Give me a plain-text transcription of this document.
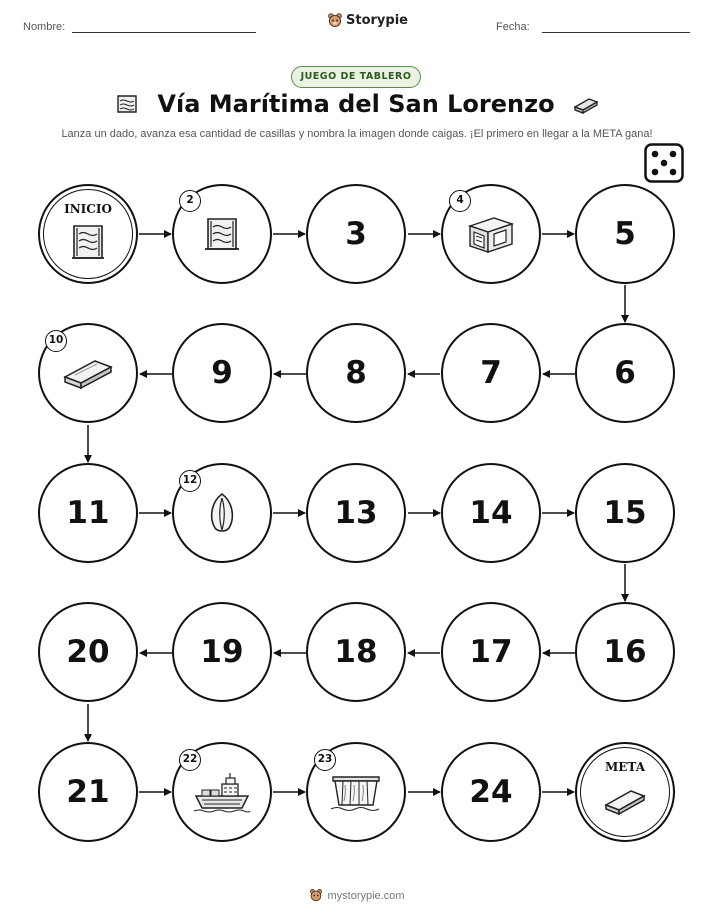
Nombre:	Storypie	Fecha:
JUEGO DE TABLERO
Vía Marítima del San Lorenzo
Lanza un dado, avanza esa cantidad de casillas y nombra la imagen donde caigas. ¡El primero en llegar a la META gana!
INICIO
2
3
4
5
10
9	8	7	6
11
12
13	14	15
20	19	18	17	16
21
22	23
24
META
mystorypie.com
